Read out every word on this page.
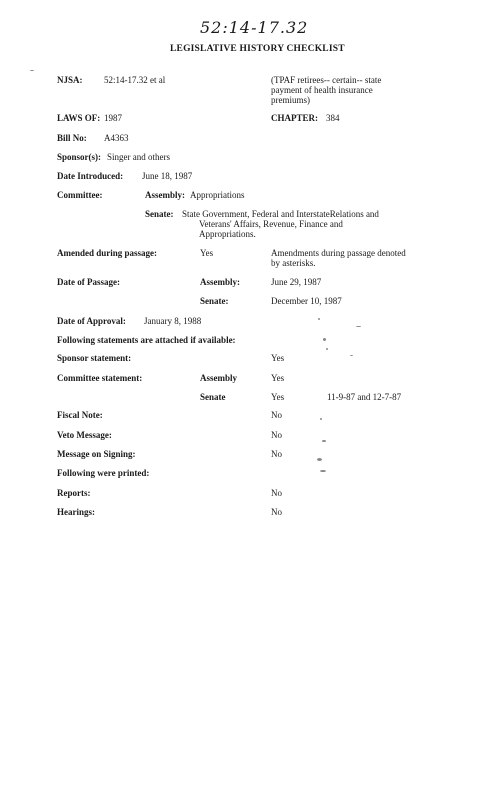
52:14-17.32
LEGISLATIVE HISTORY CHECKLIST
NJSA: 52:14-17.32 et al	(TPAF retirees-- certain-- state
payment of health insurance
premiums)
LAWS OF: 1987	CHAPTER: 384
Bill No: A4363
Sponsor(s): Singer and others
Date Introduced: June 18, 1987
Committee:	Assembly: Appropriations
Senate: State Government, Federal and InterstateRelations and
Veterans' Affairs, Revenue, Finance and
Appropriations.
Amended during passage:	Yes	Amendments during passage denoted
by asterisks.
Date of Passage:	Assembly:	June 29, 1987
Senate:	December 10, 1987
Date of Approval: January 8, 1988
Following statements are attached if available:
Sponsor statement:	Yes
Committee statement:	Assembly	Yes
Senate	Yes	11-9-87 and 12-7-87
Fiscal Note:	No
Veto Message:	No
Message on Signing:	No
Following were printed:
Reports:	No
Hearings:	No
